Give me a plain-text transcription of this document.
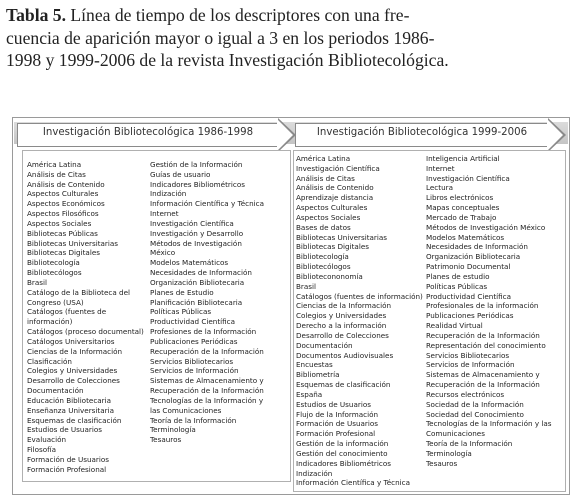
Tabla 5. Línea de tiempo de los descriptores con una fre-
cuencia de aparición mayor o igual a 3 en los periodos 1986-
1998 y 1999-2006 de la revista Investigación Bibliotecológica.
Investigación Bibliotecológica 1986-1998	Investigación Bibliotecológica 1999-2006
América Latina
Análisis de Citas
Análisis de Contenido
Aspectos Culturales
Aspectos Económicos
Aspectos Filosóficos
Aspectos Sociales
Bibliotecas Públicas
Bibliotecas Universitarias
Bibliotecas Digitales
Bibliotecología
Bibliotecólogos
Brasil
Catálogo de la Biblioteca del
Congreso (USA)
Catálogos (fuentes de
información)
Catálogos (proceso documental)
Catálogos Universitarios
Ciencias de la Información
Clasificación
Colegios y Universidades
Desarrollo de Colecciones
Documentación
Educación Bibliotecaria
Enseñanza Universitaria
Esquemas de clasificación
Estudios de Usuarios
Evaluación
Filosofía
Formación de Usuarios
Formación Profesional
Gestión de la Información
Guías de usuario
Indicadores Bibliométricos
Indización
Información Científica y Técnica
Internet
Investigación Científica
Investigación y Desarrollo
Métodos de Investigación
México
Modelos Matemáticos
Necesidades de Información
Organización Bibliotecaria
Planes de Estudio
Planificación Bibliotecaria
Políticas Públicas
Productividad Científica
Profesiones de la Información
Publicaciones Periódicas
Recuperación de la Información
Servicios Bibliotecarios
Servicios de Información
Sistemas de Almacenamiento y
Recuperación de la Información
Tecnologías de la Información y
las Comunicaciones
Teoría de la Información
Terminología
Tesauros
América Latina
Investigación Científica
Análisis de Citas
Análisis de Contenido
Aprendizaje distancia
Aspectos Culturales
Aspectos Sociales
Bases de datos
Bibliotecas Universitarias
Bibliotecas Digitales
Bibliotecología
Bibliotecólogos
Bibliotecononomía
Brasil
Catálogos (fuentes de información)
Ciencias de la Información
Colegios y Universidades
Derecho a la información
Desarrollo de Colecciones
Documentación
Documentos Audiovisuales
Encuestas
Bibliometría
Esquemas de clasificación
España
Estudios de Usuarios
Flujo de la Información
Formación de Usuarios
Formación Profesional
Gestión de la información
Gestión del conocimiento
Indicadores Bibliométricos
Indización
Información Científica y Técnica
Inteligencia Artificial
Internet
Investigación Científica
Lectura
Libros electrónicos
Mapas conceptuales
Mercado de Trabajo
Métodos de Investigación México
Modelos Matemáticos
Necesidades de Información
Organización Bibliotecaria
Patrimonio Documental
Planes de estudio
Políticas Públicas
Productividad Científica
Profesionales de la información
Publicaciones Periódicas
Realidad Virtual
Recuperación de la Información
Representación del conocimiento
Servicios Bibliotecarios
Servicios de Información
Sistemas de Almacenamiento y
Recuperación de la Información
Recursos electrónicos
Sociedad de la Información
Sociedad del Conocimiento
Tecnologías de la Información y las
Comunicaciones
Teoría de la Información
Terminología
Tesauros
